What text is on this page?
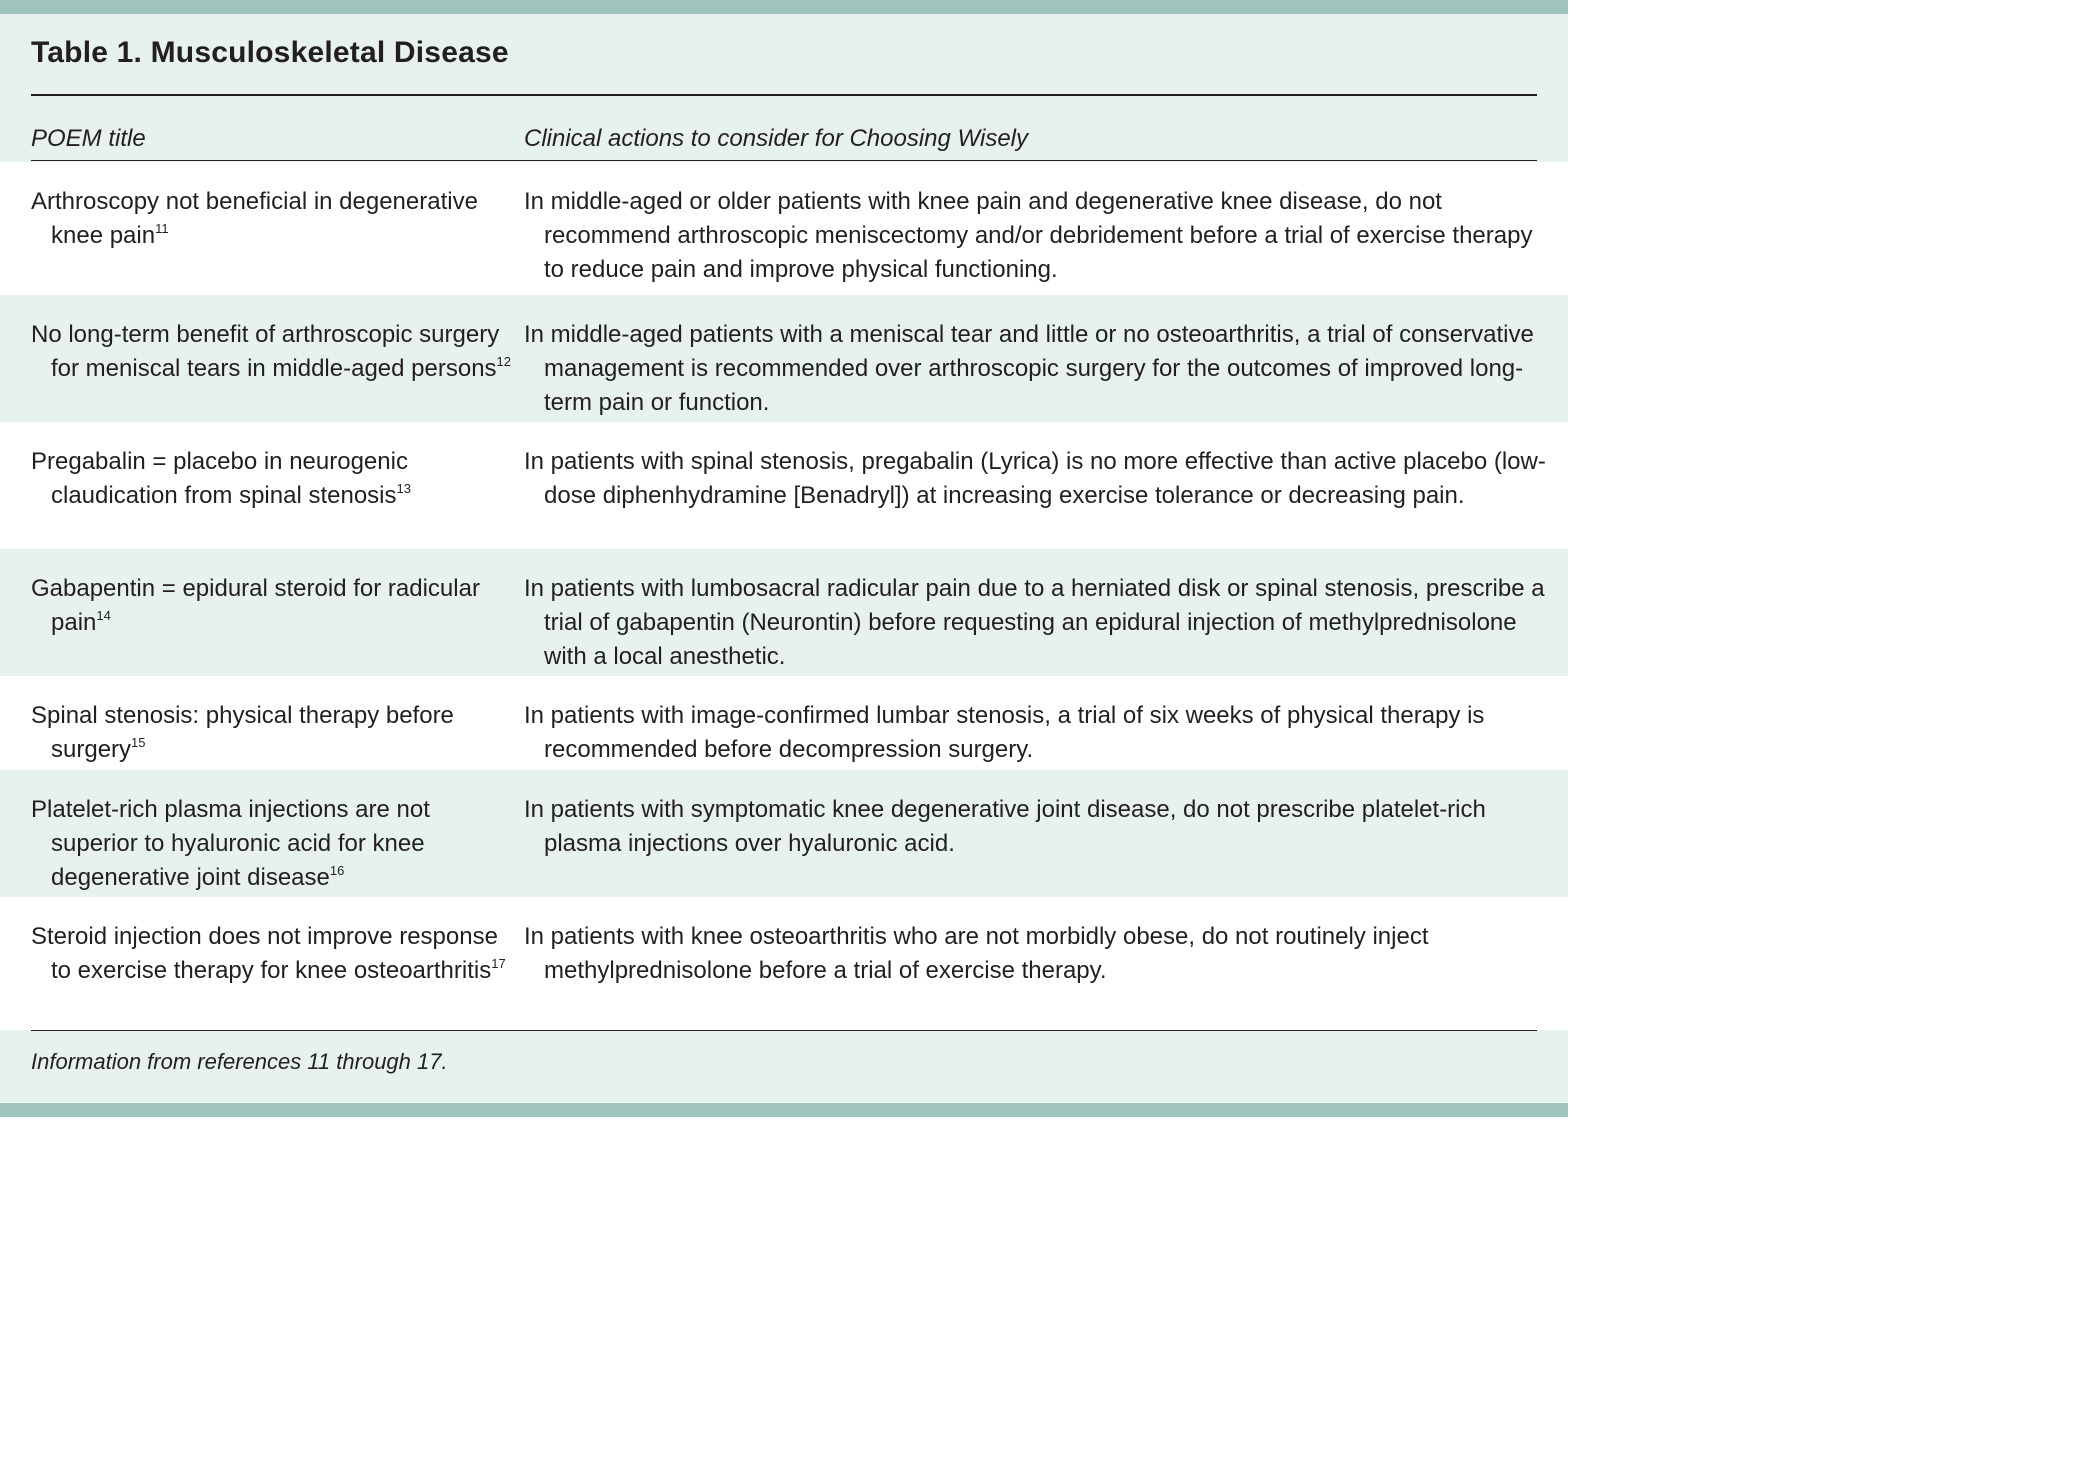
Table 1. Musculoskeletal Disease
POEM title	Clinical actions to consider for Choosing Wisely
Arthroscopy not beneficial in degenerative knee pain$^{11}$
In middle-aged or older patients with knee pain and degenerative knee disease, do not recommend arthroscopic meniscectomy and/or debridement before a trial of exercise therapy to reduce pain and improve physical functioning.
No long-term benefit of arthroscopic surgery for meniscal tears in middle-aged persons$^{12}$
In middle-aged patients with a meniscal tear and little or no osteoarthritis, a trial of conservative management is recommended over arthroscopic surgery for the outcomes of improved long-term pain or function.
Pregabalin = placebo in neurogenic claudication from spinal stenosis$^{13}$
In patients with spinal stenosis, pregabalin (Lyrica) is no more effective than active placebo (low-dose diphenhydramine [Benadryl]) at increasing exercise tolerance or decreasing pain.
Gabapentin = epidural steroid for radicular pain$^{14}$
In patients with lumbosacral radicular pain due to a herniated disk or spinal stenosis, prescribe a trial of gabapentin (Neurontin) before requesting an epidural injection of methylprednisolone with a local anesthetic.
Spinal stenosis: physical therapy before surgery$^{15}$
In patients with image-confirmed lumbar stenosis, a trial of six weeks of physical therapy is recommended before decompression surgery.
Platelet-rich plasma injections are not superior to hyaluronic acid for knee degenerative joint disease$^{16}$
In patients with symptomatic knee degenerative joint disease, do not prescribe platelet-rich plasma injections over hyaluronic acid.
Steroid injection does not improve response to exercise therapy for knee osteoarthritis$^{17}$
In patients with knee osteoarthritis who are not morbidly obese, do not routinely inject methylprednisolone before a trial of exercise therapy.
Information from references 11 through 17.
